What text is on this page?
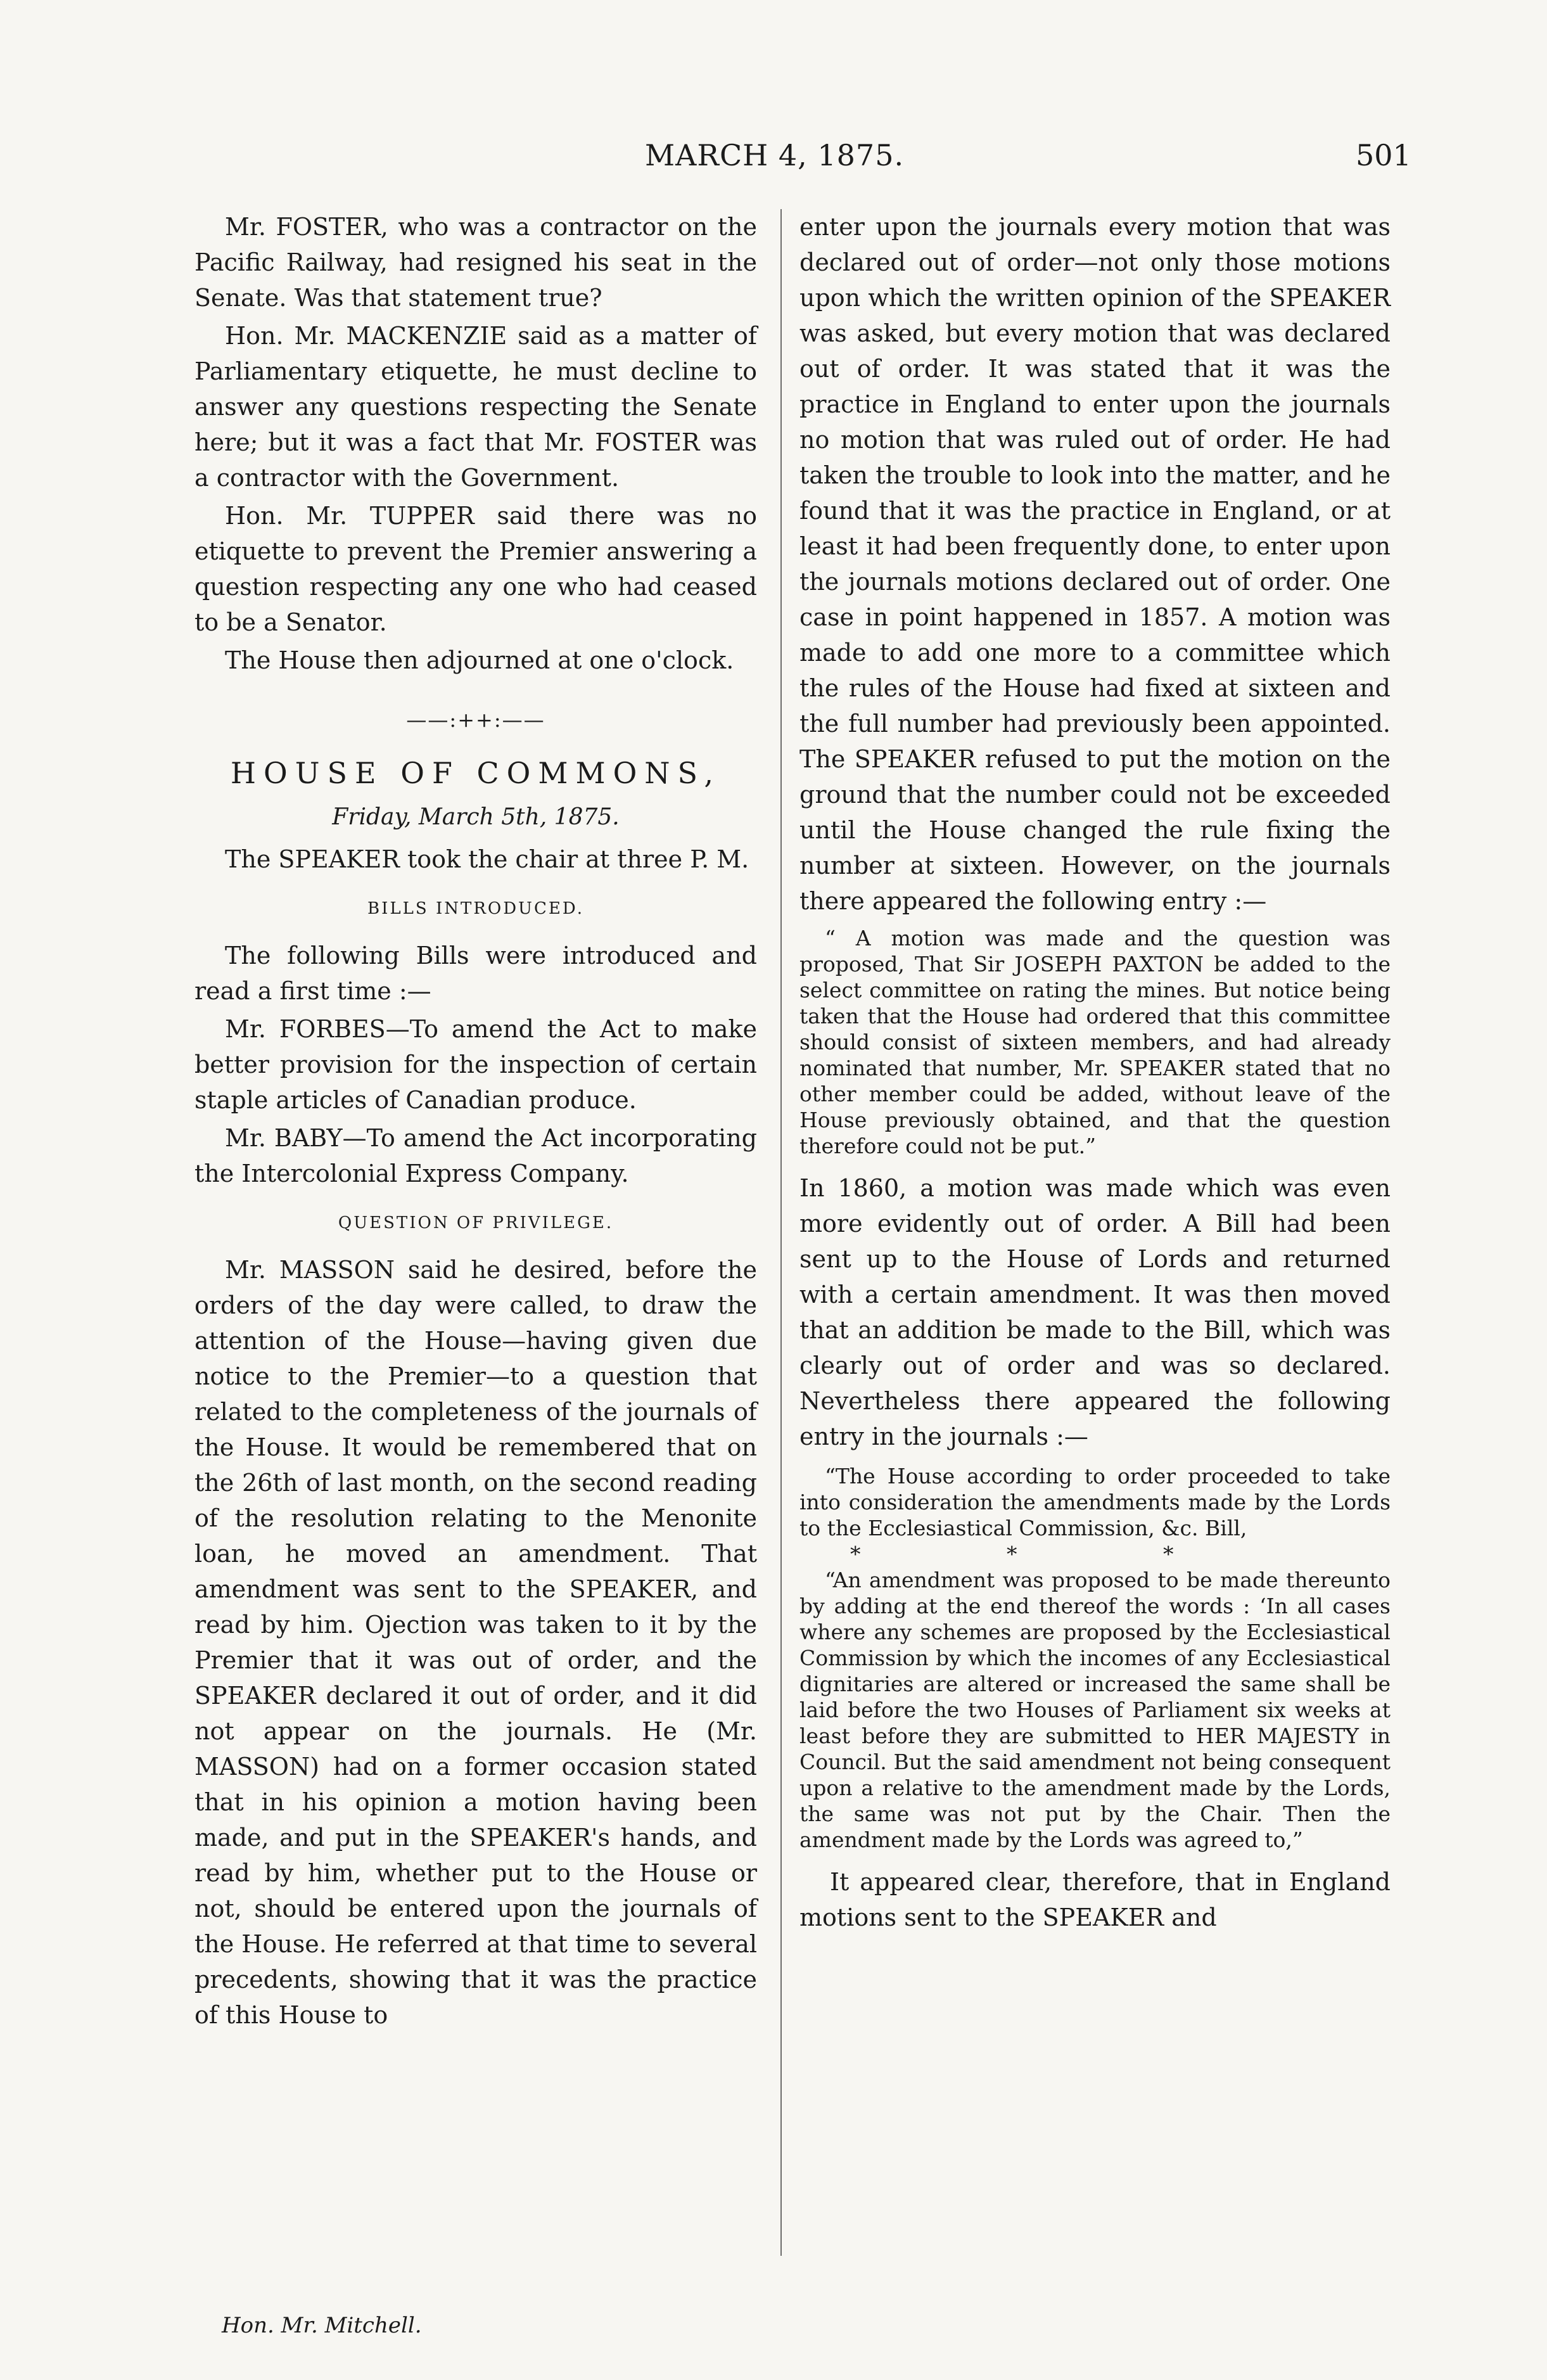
MARCH 4, 1875.	501

Mr. FOSTER, who was a contractor on the Pacific Railway, had resigned his seat in the Senate. Was that statement true?

Hon. Mr. MACKENZIE said as a matter of Parliamentary etiquette, he must decline to answer any questions respecting the Senate here; but it was a fact that Mr. FOSTER was a contractor with the Government.

Hon. Mr. TUPPER said there was no etiquette to prevent the Premier answering a question respecting any one who had ceased to be a Senator.

The House then adjourned at one o'clock.

——:++:——
HOUSE OF COMMONS,
Friday, March 5th, 1875.

The SPEAKER took the chair at three P. M.

BILLS INTRODUCED.

The following Bills were introduced and read a first time :—

Mr. FORBES—To amend the Act to make better provision for the inspection of certain staple articles of Canadian produce.

Mr. BABY—To amend the Act incorporating the Intercolonial Express Company.

QUESTION OF PRIVILEGE.

Mr. MASSON said he desired, before the orders of the day were called, to draw the attention of the House—having given due notice to the Premier—to a question that related to the completeness of the journals of the House. It would be remembered that on the 26th of last month, on the second reading of the resolution relating to the Menonite loan, he moved an amendment. That amendment was sent to the SPEAKER, and read by him. Ojection was taken to it by the Premier that it was out of order, and the SPEAKER declared it out of order, and it did not appear on the journals. He (Mr. MASSON) had on a former occasion stated that in his opinion a motion having been made, and put in the SPEAKER's hands, and read by him, whether put to the House or not, should be entered upon the journals of the House. He referred at that time to several precedents, showing that it was the practice of this House to

enter upon the journals every motion that was declared out of order—not only those motions upon which the written opinion of the SPEAKER was asked, but every motion that was declared out of order. It was stated that it was the practice in England to enter upon the journals no motion that was ruled out of order. He had taken the trouble to look into the matter, and he found that it was the practice in England, or at least it had been frequently done, to enter upon the journals motions declared out of order. One case in point happened in 1857. A motion was made to add one more to a committee which the rules of the House had fixed at sixteen and the full number had previously been appointed. The SPEAKER refused to put the motion on the ground that the number could not be exceeded until the House changed the rule fixing the number at sixteen. However, on the journals there appeared the following entry :—

“ A motion was made and the question was proposed, That Sir JOSEPH PAXTON be added to the select committee on rating the mines. But notice being taken that the House had ordered that this committee should consist of sixteen members, and had already nominated that number, Mr. SPEAKER stated that no other member could be added, without leave of the House previously obtained, and that the question therefore could not be put.”

In 1860, a motion was made which was even more evidently out of order. A Bill had been sent up to the House of Lords and returned with a certain amendment. It was then moved that an addition be made to the Bill, which was clearly out of order and was so declared. Nevertheless there appeared the following entry in the journals :—

“The House according to order proceeded to take into consideration the amendments made by the Lords to the Ecclesiastical Commission, &c. Bill,

* * *

“An amendment was proposed to be made thereunto by adding at the end thereof the words : ‘In all cases where any schemes are proposed by the Ecclesiastical Commission by which the incomes of any Ecclesiastical dignitaries are altered or increased the same shall be laid before the two Houses of Parliament six weeks at least before they are submitted to HER MAJESTY in Council. But the said amendment not being consequent upon a relative to the amendment made by the Lords, the same was not put by the Chair. Then the amendment made by the Lords was agreed to,”

It appeared clear, therefore, that in England motions sent to the SPEAKER and

Hon. Mr. Mitchell.
